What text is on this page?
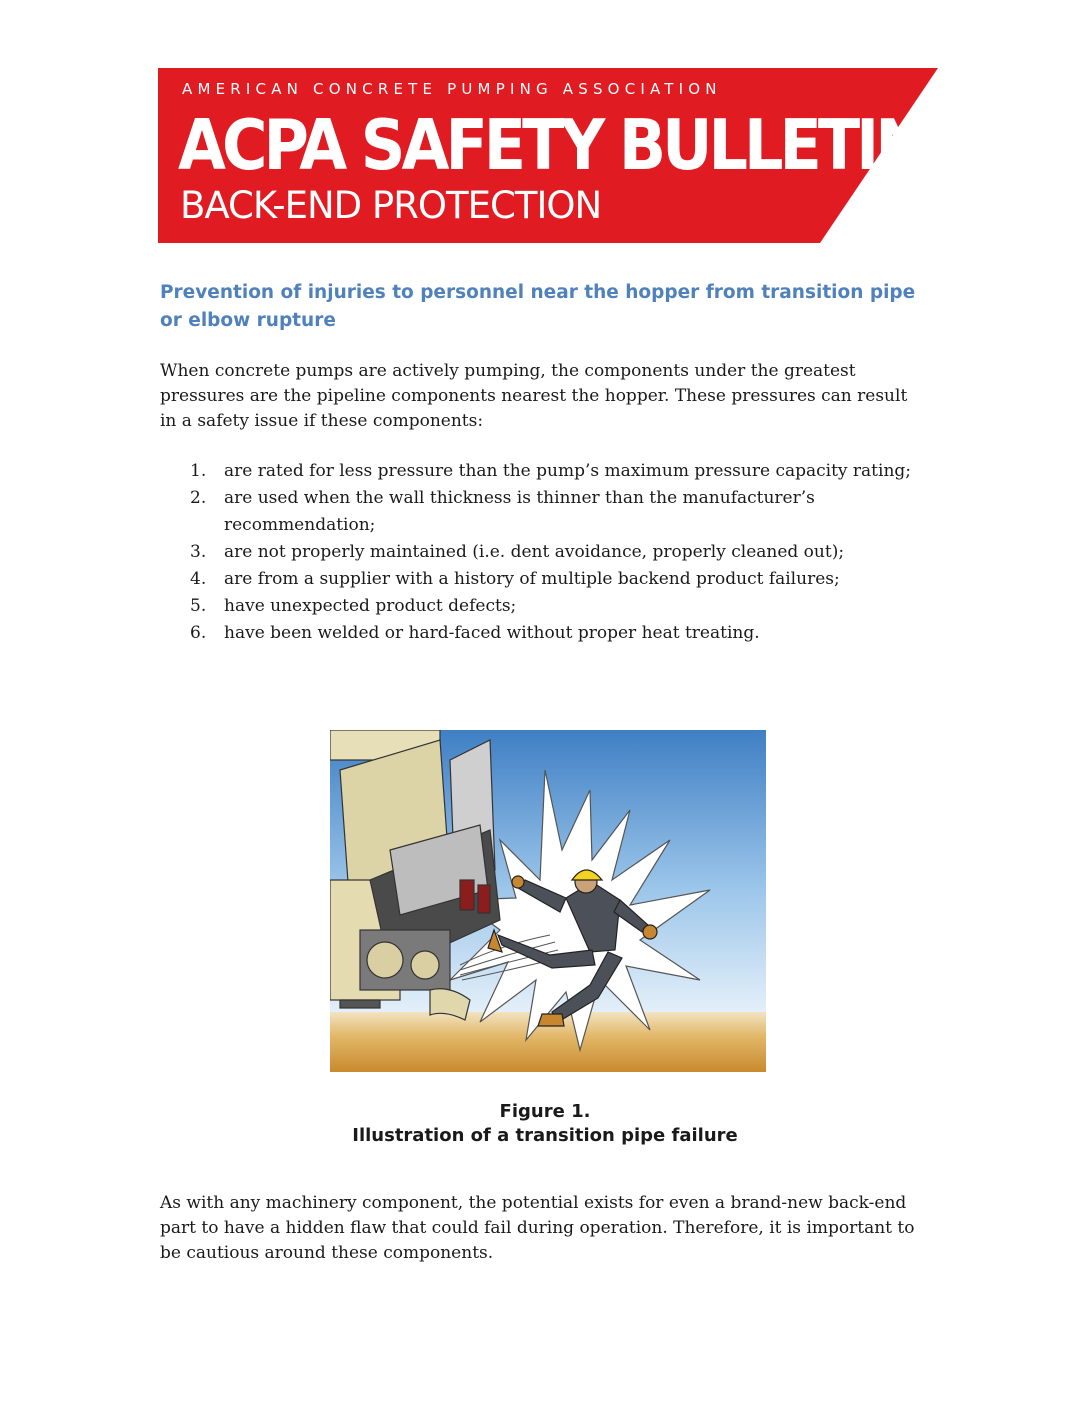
AMERICAN CONCRETE PUMPING ASSOCIATION
ACPA SAFETY BULLETIN
BACK-END PROTECTION
Prevention of injuries to personnel near the hopper from transition pipe or elbow rupture
When concrete pumps are actively pumping, the components under the greatest pressures are the pipeline components nearest the hopper. These pressures can result in a safety issue if these components:
1. are rated for less pressure than the pump’s maximum pressure capacity rating;
2. are used when the wall thickness is thinner than the manufacturer’s recommendation;
3. are not properly maintained (i.e. dent avoidance, properly cleaned out);
4. are from a supplier with a history of multiple backend product failures;
5. have unexpected product defects;
6. have been welded or hard-faced without proper heat treating.
Figure 1.
Illustration of a transition pipe failure
As with any machinery component, the potential exists for even a brand-new back-end part to have a hidden flaw that could fail during operation. Therefore, it is important to be cautious around these components.
